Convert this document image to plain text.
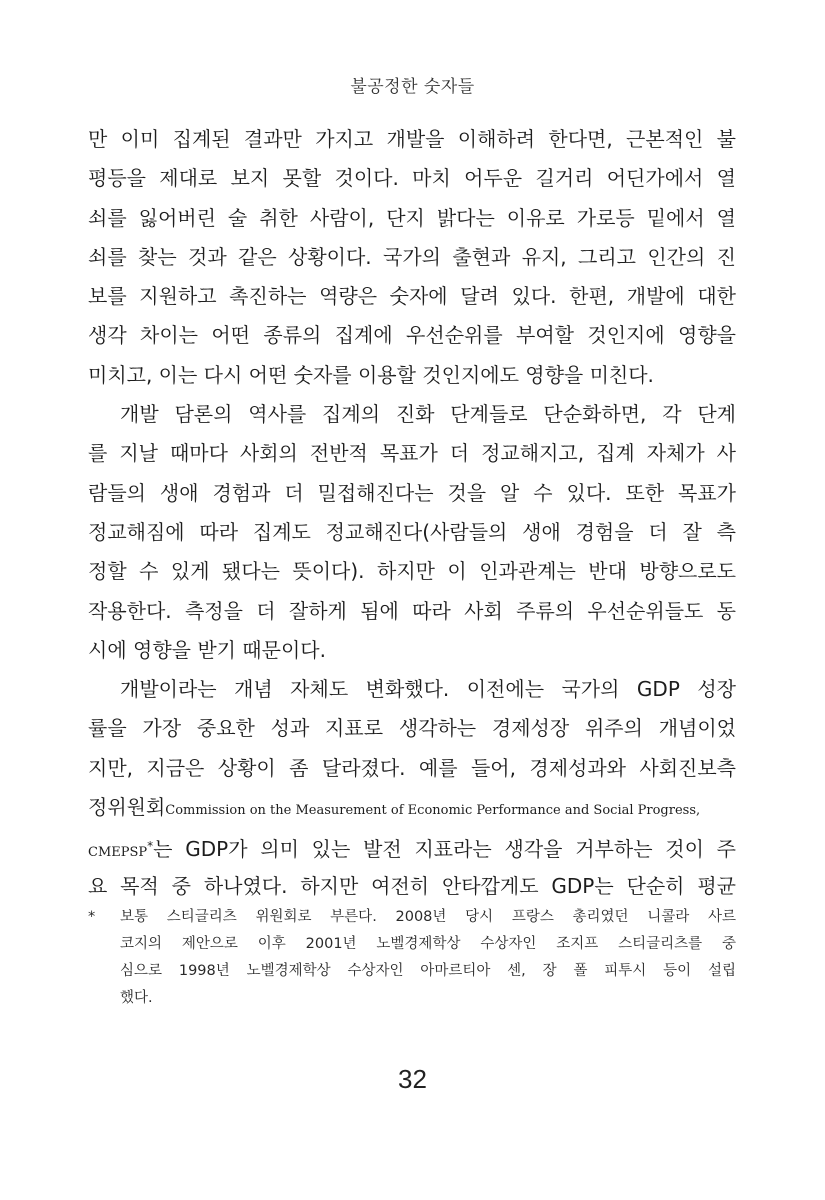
불공정한 숫자들
만 이미 집계된 결과만 가지고 개발을 이해하려 한다면, 근본적인 불
평등을 제대로 보지 못할 것이다. 마치 어두운 길거리 어딘가에서 열
쇠를 잃어버린 술 취한 사람이, 단지 밝다는 이유로 가로등 밑에서 열
쇠를 찾는 것과 같은 상황이다. 국가의 출현과 유지, 그리고 인간의 진
보를 지원하고 촉진하는 역량은 숫자에 달려 있다. 한편, 개발에 대한
생각 차이는 어떤 종류의 집계에 우선순위를 부여할 것인지에 영향을
미치고, 이는 다시 어떤 숫자를 이용할 것인지에도 영향을 미친다.
개발 담론의 역사를 집계의 진화 단계들로 단순화하면, 각 단계
를 지날 때마다 사회의 전반적 목표가 더 정교해지고, 집계 자체가 사
람들의 생애 경험과 더 밀접해진다는 것을 알 수 있다. 또한 목표가
정교해짐에 따라 집계도 정교해진다(사람들의 생애 경험을 더 잘 측
정할 수 있게 됐다는 뜻이다). 하지만 이 인과관계는 반대 방향으로도
작용한다. 측정을 더 잘하게 됨에 따라 사회 주류의 우선순위들도 동
시에 영향을 받기 때문이다.
개발이라는 개념 자체도 변화했다. 이전에는 국가의 GDP 성장
률을 가장 중요한 성과 지표로 생각하는 경제성장 위주의 개념이었
지만, 지금은 상황이 좀 달라졌다. 예를 들어, 경제성과와 사회진보측
정위원회Commission on the Measurement of Economic Performance and Social Progress,
CMEPSP*는 GDP가 의미 있는 발전 지표라는 생각을 거부하는 것이 주
요 목적 중 하나였다. 하지만 여전히 안타깝게도 GDP는 단순히 평균
* 보통 스티글리츠 위원회로 부른다. 2008년 당시 프랑스 총리였던 니콜라 사르
코지의 제안으로 이후 2001년 노벨경제학상 수상자인 조지프 스티글리츠를 중
심으로 1998년 노벨경제학상 수상자인 아마르티아 센, 장 폴 피투시 등이 설립
했다.
32
